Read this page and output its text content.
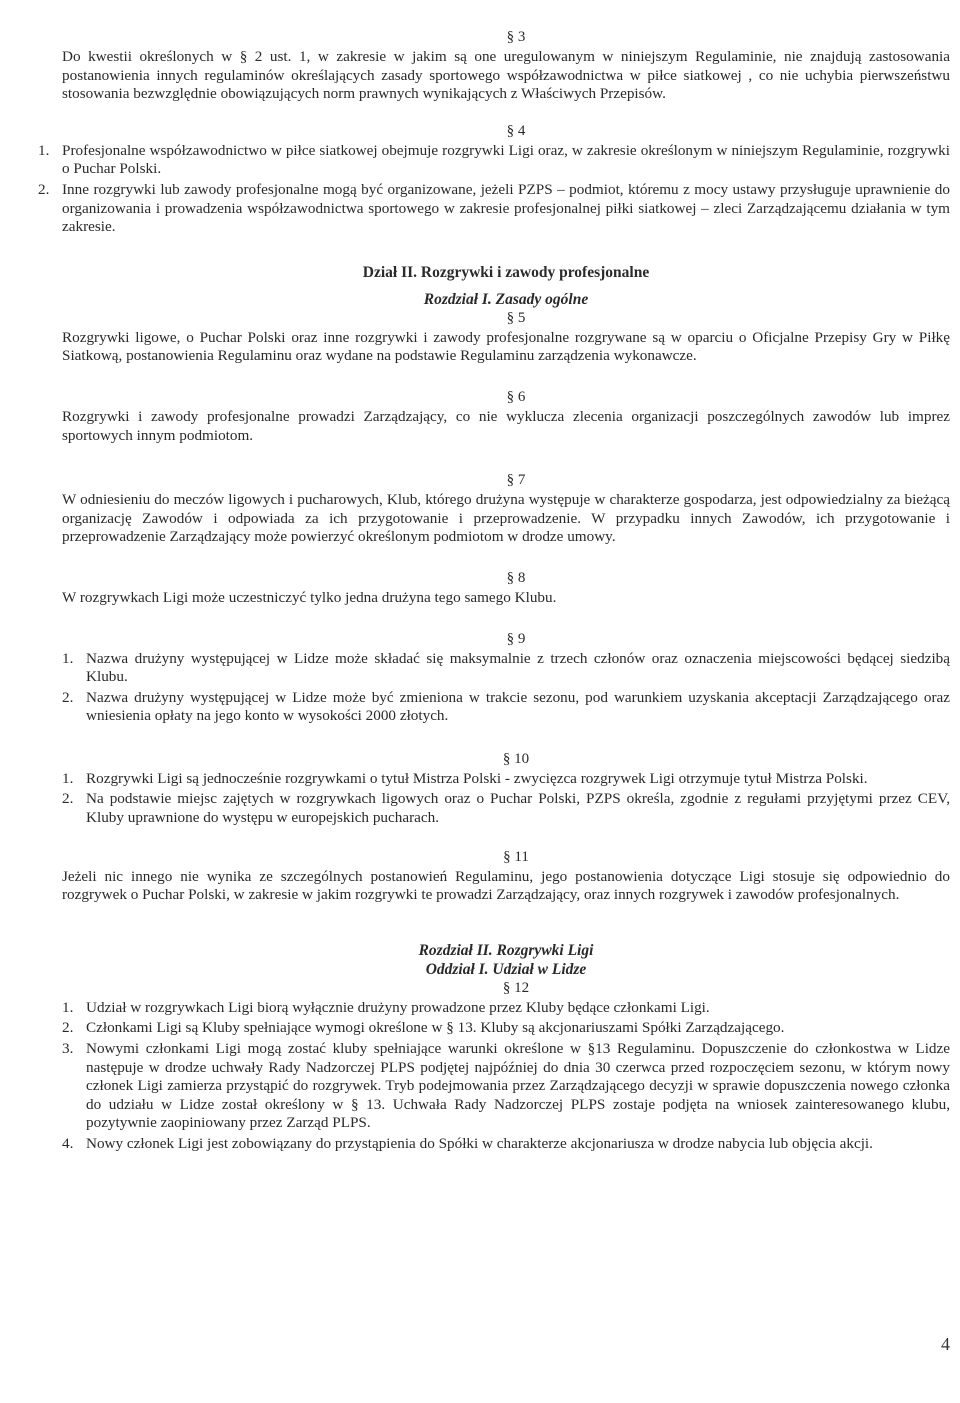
§ 3

Do kwestii określonych w § 2 ust. 1, w zakresie w jakim są one uregulowanym w niniejszym Regulaminie, nie znajdują zastosowania postanowienia innych regulaminów określających zasady sportowego współzawodnictwa w piłce siatkowej , co nie uchybia pierwszeństwu stosowania bezwzględnie obowiązujących norm prawnych wynikających z Właściwych Przepisów.

§ 4
1. Profesjonalne współzawodnictwo w piłce siatkowej obejmuje rozgrywki Ligi oraz, w zakresie określonym w niniejszym Regulaminie, rozgrywki o Puchar Polski.
2. Inne rozgrywki lub zawody profesjonalne mogą być organizowane, jeżeli PZPS – podmiot, któremu z mocy ustawy przysługuje uprawnienie do organizowania i prowadzenia współzawodnictwa sportowego w zakresie profesjonalnej piłki siatkowej – zleci Zarządzającemu działania w tym zakresie.
Dział II. Rozgrywki i zawody profesjonalne
Rozdział I. Zasady ogólne
§ 5

Rozgrywki ligowe, o Puchar Polski oraz inne rozgrywki i zawody profesjonalne rozgrywane są w oparciu o Oficjalne Przepisy Gry w Piłkę Siatkową, postanowienia Regulaminu oraz wydane na podstawie Regulaminu zarządzenia wykonawcze.

§ 6

Rozgrywki i zawody profesjonalne prowadzi Zarządzający, co nie wyklucza zlecenia organizacji poszczególnych zawodów lub imprez sportowych innym podmiotom.

§ 7

W odniesieniu do meczów ligowych i pucharowych, Klub, którego drużyna występuje w charakterze gospodarza, jest odpowiedzialny za bieżącą organizację Zawodów i odpowiada za ich przygotowanie i przeprowadzenie. W przypadku innych Zawodów, ich przygotowanie i przeprowadzenie Zarządzający może powierzyć określonym podmiotom w drodze umowy.

§ 8

W rozgrywkach Ligi może uczestniczyć tylko jedna drużyna tego samego Klubu.

§ 9
1. Nazwa drużyny występującej w Lidze może składać się maksymalnie z trzech członów oraz oznaczenia miejscowości będącej siedzibą Klubu.
2. Nazwa drużyny występującej w Lidze może być zmieniona w trakcie sezonu, pod warunkiem uzyskania akceptacji Zarządzającego oraz wniesienia opłaty na jego konto w wysokości 2000 złotych.
§ 10
1. Rozgrywki Ligi są jednocześnie rozgrywkami o tytuł Mistrza Polski - zwycięzca rozgrywek Ligi otrzymuje tytuł Mistrza Polski.
2. Na podstawie miejsc zajętych w rozgrywkach ligowych oraz o Puchar Polski, PZPS określa, zgodnie z regułami przyjętymi przez CEV, Kluby uprawnione do występu w europejskich pucharach.
§ 11

Jeżeli nic innego nie wynika ze szczególnych postanowień Regulaminu, jego postanowienia dotyczące Ligi stosuje się odpowiednio do rozgrywek o Puchar Polski, w zakresie w jakim rozgrywki te prowadzi Zarządzający, oraz innych rozgrywek i zawodów profesjonalnych.

Rozdział II. Rozgrywki Ligi
Oddział I. Udział w Lidze
§ 12
1. Udział w rozgrywkach Ligi biorą wyłącznie drużyny prowadzone przez Kluby będące członkami Ligi.
2. Członkami Ligi są Kluby spełniające wymogi określone w § 13. Kluby są akcjonariuszami Spółki Zarządzającego.
3. Nowymi członkami Ligi mogą zostać kluby spełniające warunki określone w §13 Regulaminu. Dopuszczenie do członkostwa w Lidze następuje w drodze uchwały Rady Nadzorczej PLPS podjętej najpóźniej do dnia 30 czerwca przed rozpoczęciem sezonu, w którym nowy członek Ligi zamierza przystąpić do rozgrywek. Tryb podejmowania przez Zarządzającego decyzji w sprawie dopuszczenia nowego członka do udziału w Lidze został określony w § 13. Uchwała Rady Nadzorczej PLPS zostaje podjęta na wniosek zainteresowanego klubu, pozytywnie zaopiniowany przez Zarząd PLPS.
4. Nowy członek Ligi jest zobowiązany do przystąpienia do Spółki w charakterze akcjonariusza w drodze nabycia lub objęcia akcji.
4
